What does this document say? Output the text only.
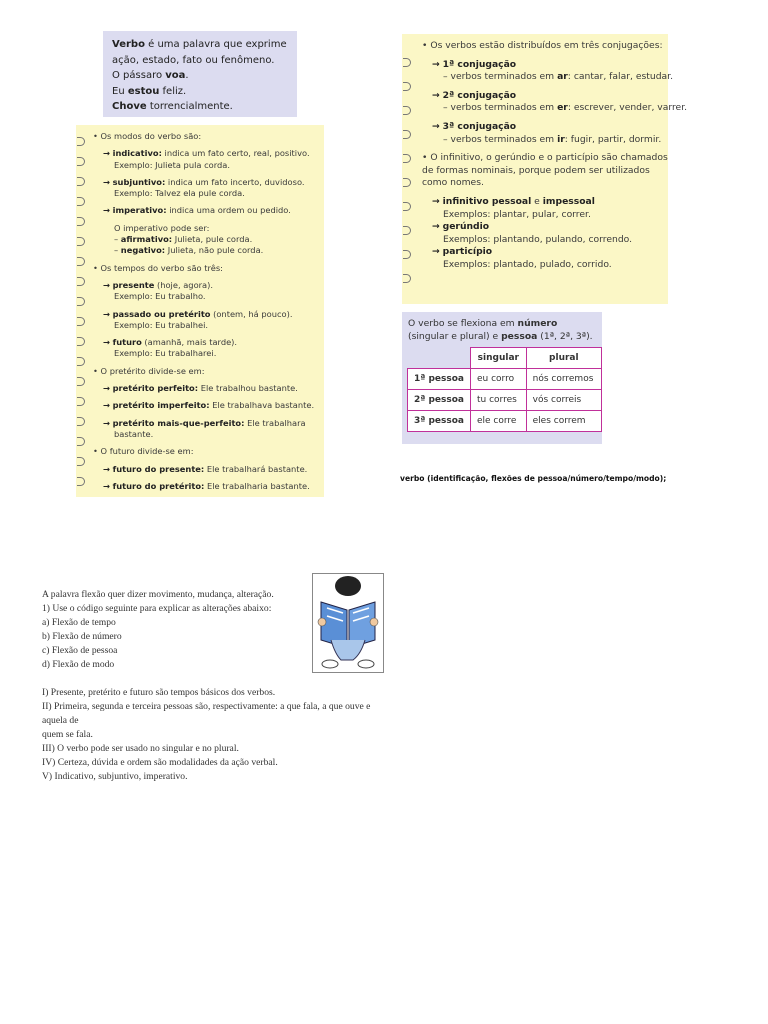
Verbo é uma palavra que exprime
ação, estado, fato ou fenômeno.
O pássaro voa.
Eu estou feliz.
Chove torrencialmente.
• Os modos do verbo são:
→ indicativo: indica um fato certo, real, positivo.
Exemplo: Julieta pula corda.
→ subjuntivo: indica um fato incerto, duvidoso.
Exemplo: Talvez ela pule corda.
→ imperativo: indica uma ordem ou pedido.
O imperativo pode ser:
– afirmativo: Julieta, pule corda.
– negativo: Julieta, não pule corda.
• Os tempos do verbo são três:
→ presente (hoje, agora).
Exemplo: Eu trabalho.
→ passado ou pretérito (ontem, há pouco).
Exemplo: Eu trabalhei.
→ futuro (amanhã, mais tarde).
Exemplo: Eu trabalharei.
• O pretérito divide-se em:
→ pretérito perfeito: Ele trabalhou bastante.
→ pretérito imperfeito: Ele trabalhava bastante.
→ pretérito mais-que-perfeito: Ele trabalhara
bastante.
• O futuro divide-se em:
→ futuro do presente: Ele trabalhará bastante.
→ futuro do pretérito: Ele trabalharia bastante.
• Os verbos estão distribuídos em três conjugações:
→ 1ª conjugação
– verbos terminados em ar: cantar, falar, estudar.
→ 2ª conjugação
– verbos terminados em er: escrever, vender, varrer.
→ 3ª conjugação
– verbos terminados em ir: fugir, partir, dormir.
• O infinitivo, o gerúndio e o particípio são chamados
de formas nominais, porque podem ser utilizados
como nomes.
→ infinitivo pessoal e impessoal
Exemplos: plantar, pular, correr.
→ gerúndio
Exemplos: plantando, pulando, correndo.
→ particípio
Exemplos: plantado, pulado, corrido.
O verbo se flexiona em número
(singular e plural) e pessoa (1ª, 2ª, 3ª).
	singular	plural
1ª pessoa	eu corro	nós corremos
2ª pessoa	tu corres	vós correis
3ª pessoa	ele corre	eles correm
verbo (identificação, flexões de pessoa/número/tempo/modo);
A palavra flexão quer dizer movimento, mudança, alteração.
1) Use o código seguinte para explicar as alterações abaixo:
a) Flexão de tempo
b) Flexão de número
c) Flexão de pessoa
d) Flexão de modo
I) Presente, pretérito e futuro são tempos básicos dos verbos.
II) Primeira, segunda e terceira pessoas são, respectivamente: a que fala, a que ouve e aquela de
quem se fala.
III) O verbo pode ser usado no singular e no plural.
IV) Certeza, dúvida e ordem são modalidades da ação verbal.
V) Indicativo, subjuntivo, imperativo.
